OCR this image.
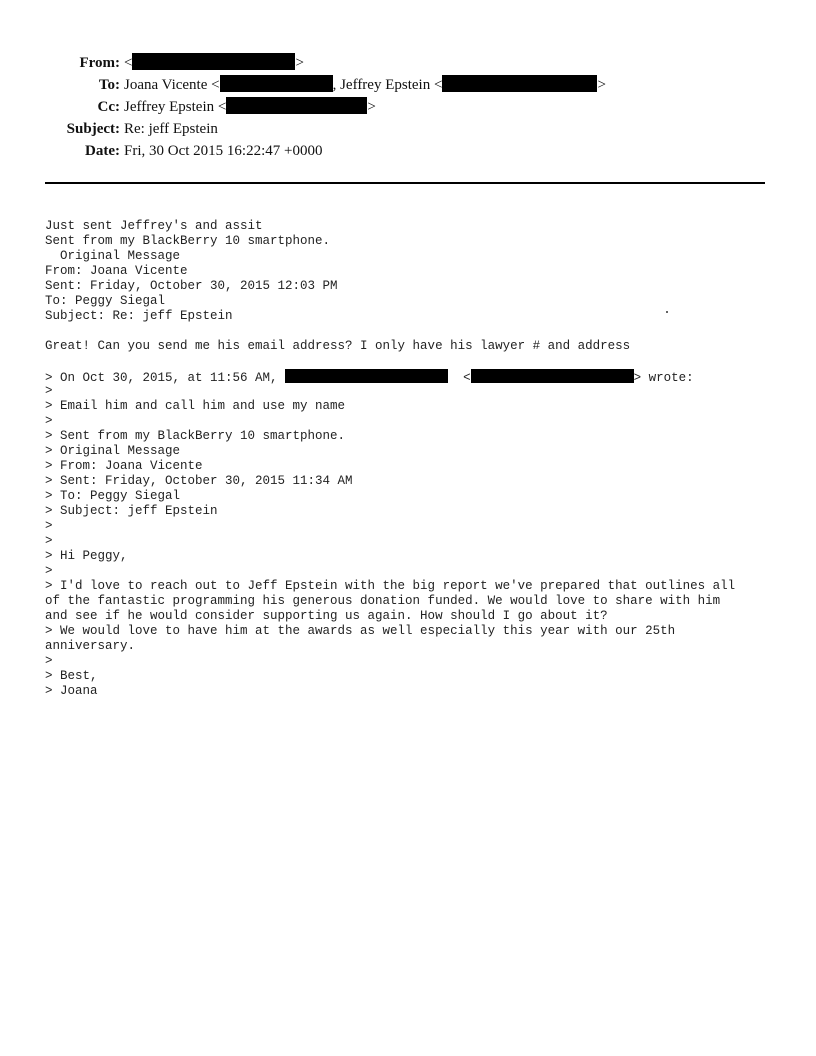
From: <	>
To: Joana Vicente <	, Jeffrey Epstein <	>
Cc: Jeffrey Epstein <	>
Subject: Re: jeff Epstein
Date: Fri, 30 Oct 2015 16:22:47 +0000
Just sent Jeffrey's and assit
Sent from my BlackBerry 10 smartphone.
Original Message
From: Joana Vicente
Sent: Friday, October 30, 2015 12:03 PM
To: Peggy Siegal
Subject: Re: jeff Epstein
Great! Can you send me his email address? I only have his lawyer # and address
> On Oct 30, 2015, at 11:56 AM,	<	> wrote:
>
> Email him and call him and use my name
>
> Sent from my BlackBerry 10 smartphone.
> Original Message
> From: Joana Vicente
> Sent: Friday, October 30, 2015 11:34 AM
> To: Peggy Siegal
> Subject: jeff Epstein
>
>
> Hi Peggy,
>
> I'd love to reach out to Jeff Epstein with the big report we've prepared that outlines all
of the fantastic programming his generous donation funded. We would love to share with him
and see if he would consider supporting us again. How should I go about it?
> We would love to have him at the awards as well especially this year with our 25th
anniversary.
>
> Best,
> Joana
